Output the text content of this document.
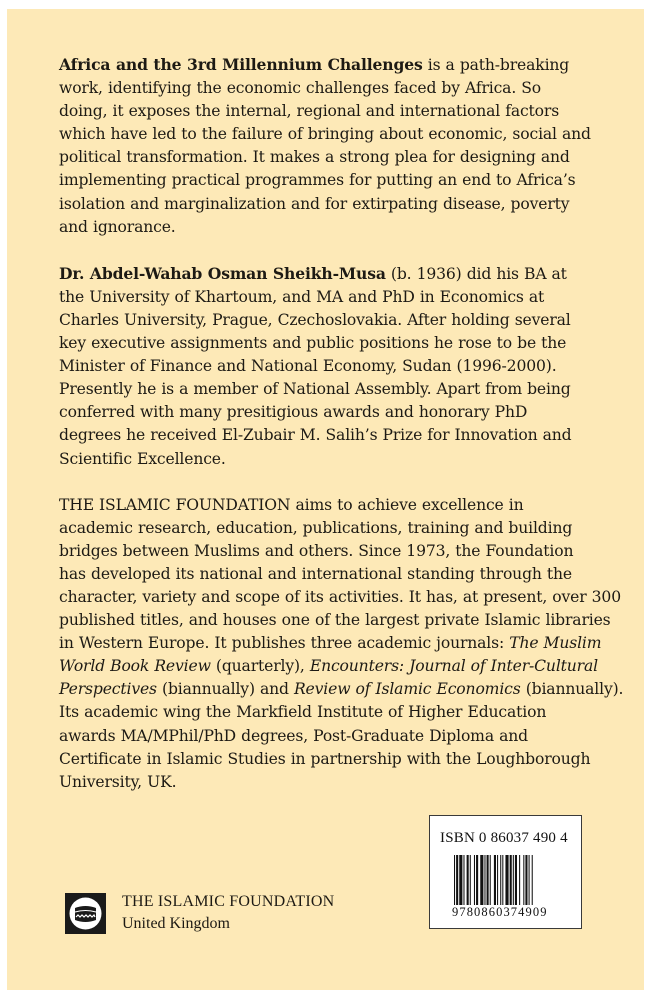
Africa and the 3rd Millennium Challenges is a path-breaking
work, identifying the economic challenges faced by Africa. So
doing, it exposes the internal, regional and international factors
which have led to the failure of bringing about economic, social and
political transformation. It makes a strong plea for designing and
implementing practical programmes for putting an end to Africa’s
isolation and marginalization and for extirpating disease, poverty
and ignorance.

Dr. Abdel-Wahab Osman Sheikh-Musa (b. 1936) did his BA at
the University of Khartoum, and MA and PhD in Economics at
Charles University, Prague, Czechoslovakia. After holding several
key executive assignments and public positions he rose to be the
Minister of Finance and National Economy, Sudan (1996-2000).
Presently he is a member of National Assembly. Apart from being
conferred with many presitigious awards and honorary PhD
degrees he received El-Zubair M. Salih’s Prize for Innovation and
Scientific Excellence.

THE ISLAMIC FOUNDATION aims to achieve excellence in
academic research, education, publications, training and building
bridges between Muslims and others. Since 1973, the Foundation
has developed its national and international standing through the
character, variety and scope of its activities. It has, at present, over 300
published titles, and houses one of the largest private Islamic libraries
in Western Europe. It publishes three academic journals: The Muslim
World Book Review (quarterly), Encounters: Journal of Inter-Cultural
Perspectives (biannually) and Review of Islamic Economics (biannually).
Its academic wing the Markfield Institute of Higher Education
awards MA/MPhil/PhD degrees, Post-Graduate Diploma and
Certificate in Islamic Studies in partnership with the Loughborough
University, UK.

ISBN 0 86037 490 4
9780860374909
THE ISLAMIC FOUNDATION
United Kingdom
